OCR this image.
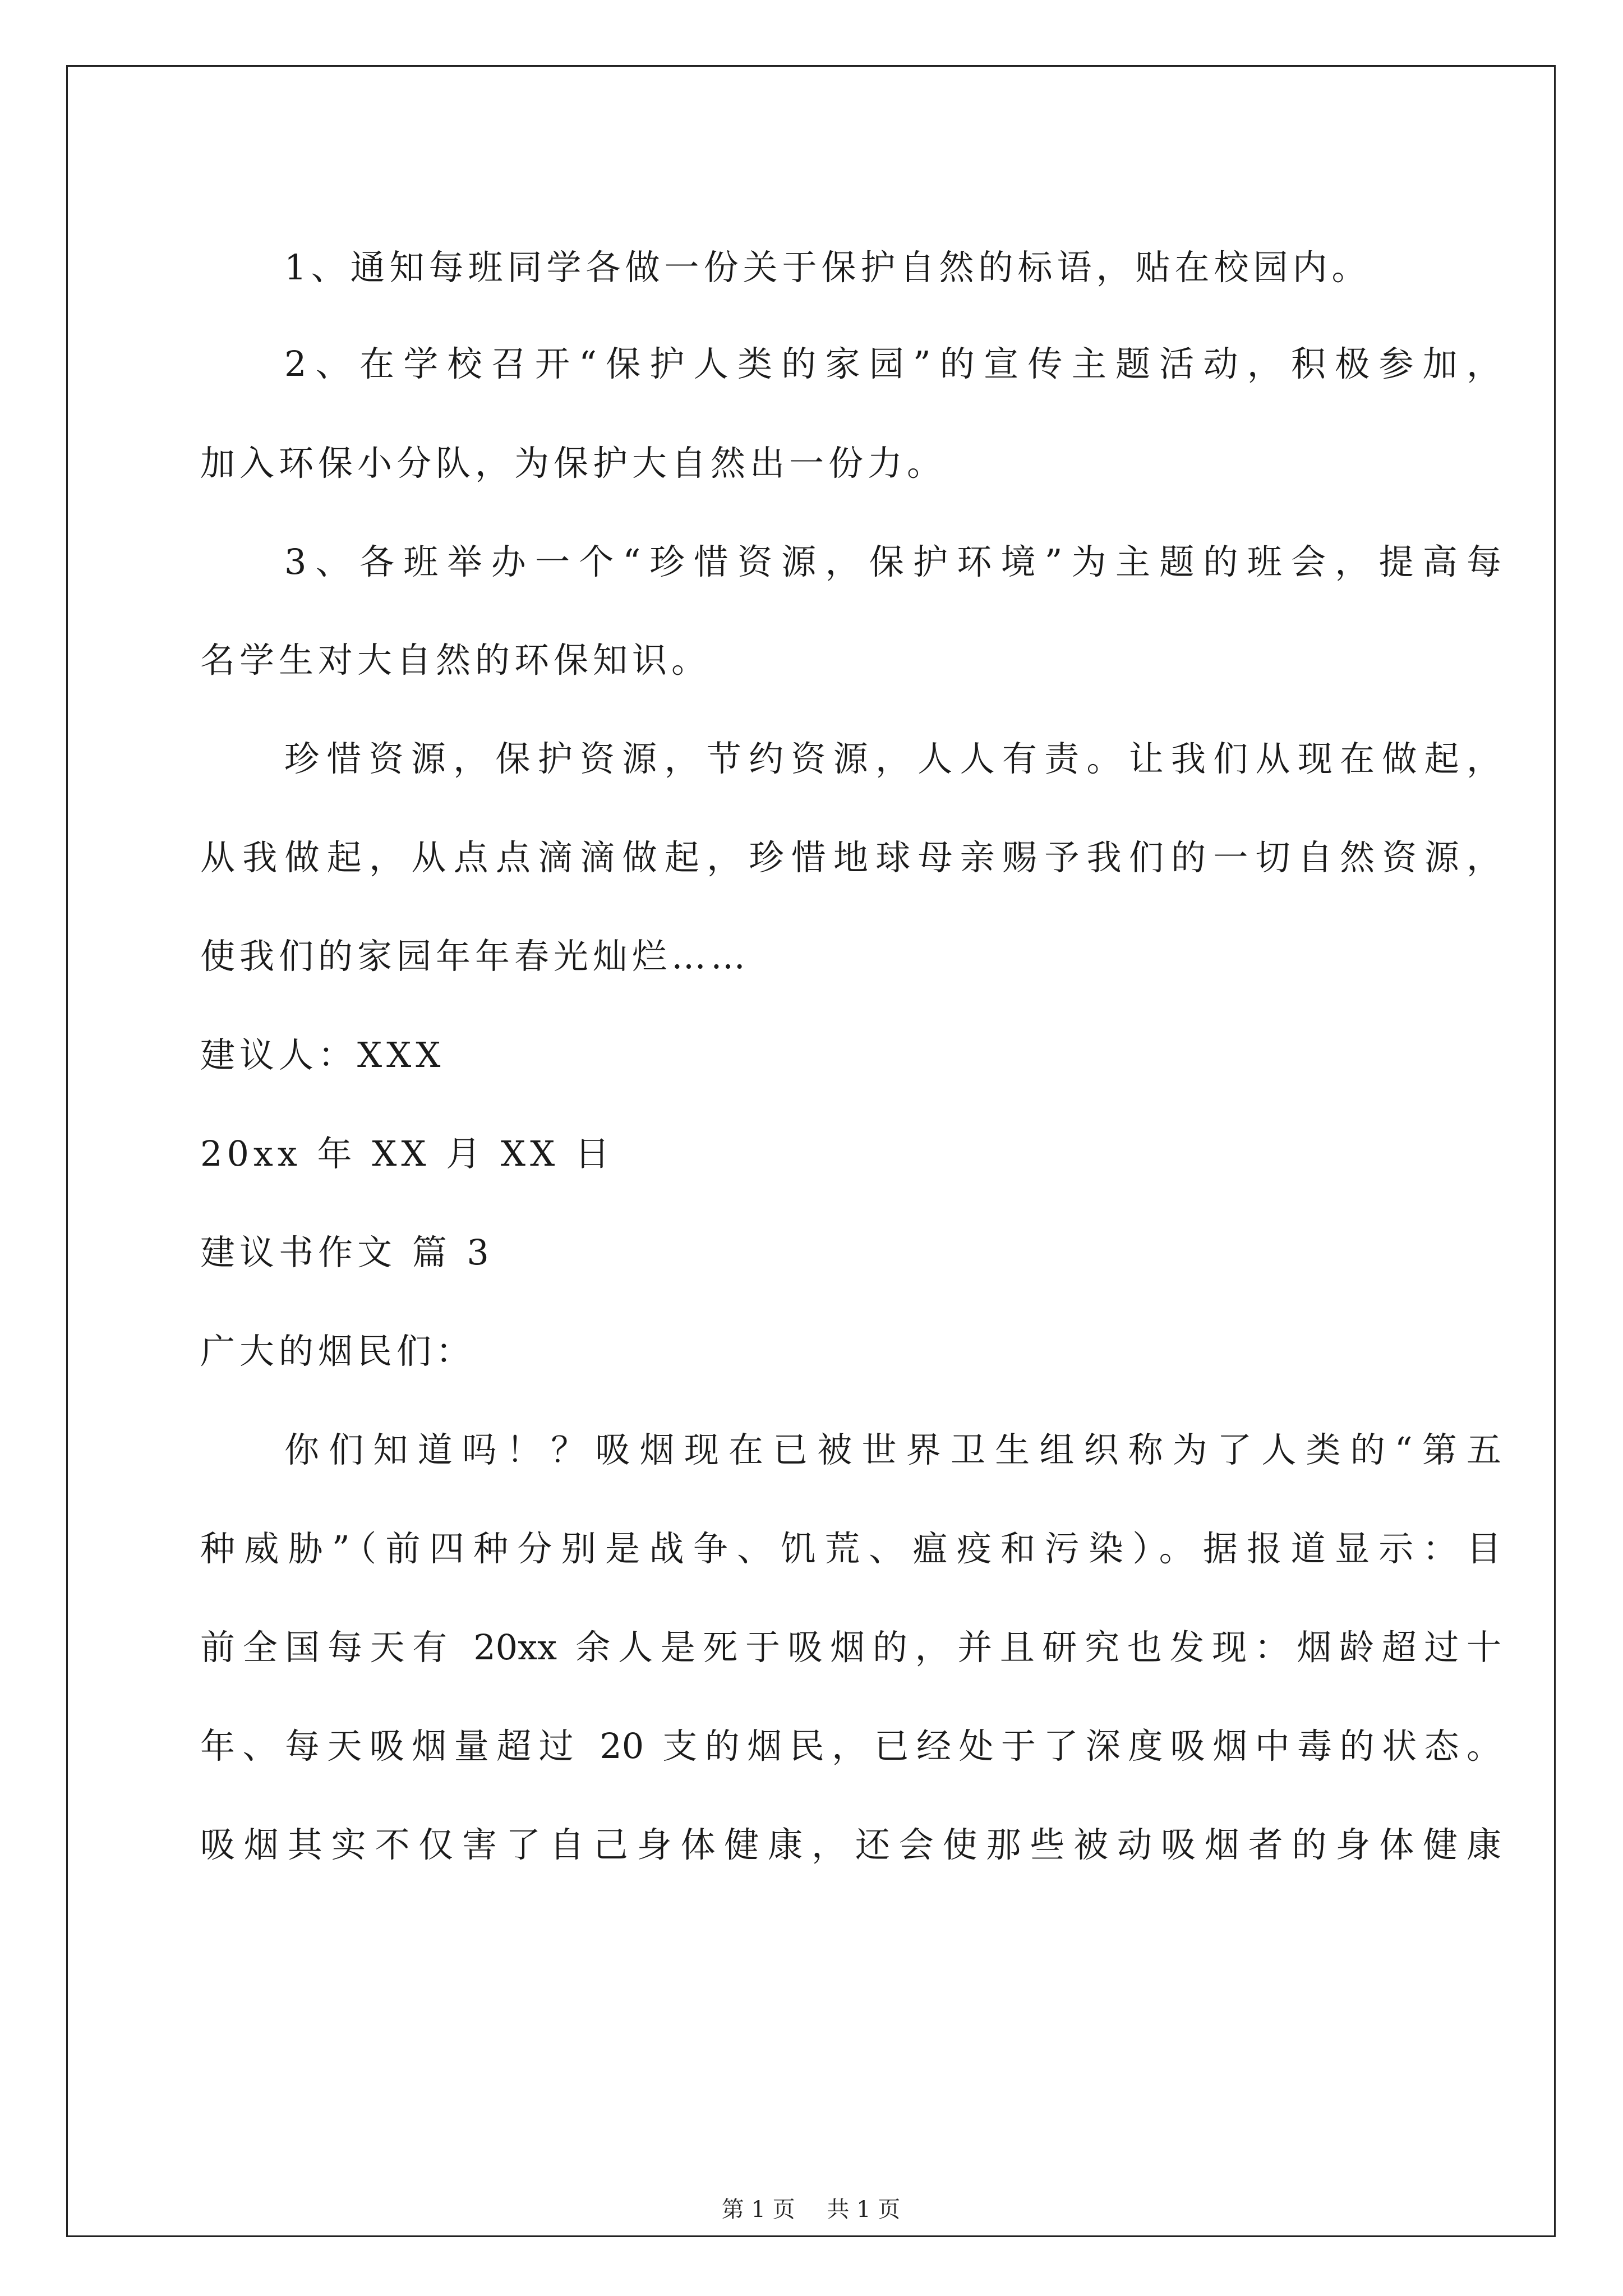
1、通知每班同学各做一份关于保护自然的标语，贴在校园内。
2、在学校召开“保护人类的家园”的宣传主题活动，积极参加，
加入环保小分队，为保护大自然出一份力。
3、各班举办一个“珍惜资源，保护环境”为主题的班会，提高每
名学生对大自然的环保知识。
珍惜资源，保护资源，节约资源，人人有责。让我们从现在做起，
从我做起，从点点滴滴做起，珍惜地球母亲赐予我们的一切自然资源，
使我们的家园年年春光灿烂……
建议人：XXX
20xx 年 XX 月 XX 日
建议书作文 篇 3
广大的烟民们：
你们知道吗！？吸烟现在已被世界卫生组织称为了人类的“第五
种威胁”（前四种分别是战争、饥荒、瘟疫和污染）。据报道显示：目
前全国每天有 20xx 余人是死于吸烟的，并且研究也发现：烟龄超过十
年、每天吸烟量超过 20 支的烟民，已经处于了深度吸烟中毒的状态。
吸烟其实不仅害了自己身体健康，还会使那些被动吸烟者的身体健康
第 1 页 共 1 页
